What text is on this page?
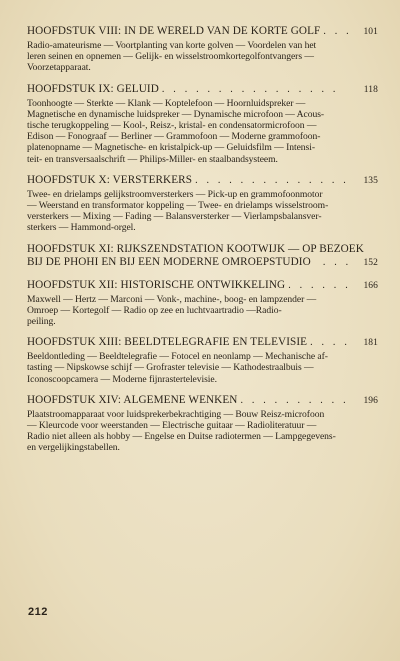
HOOFDSTUK VIII: IN DE WERELD VAN DE KORTE GOLF . . .	101
Radio-amateurisme — Voortplanting van korte golven — Voordelen van het
leren seinen en opnemen — Gelijk- en wisselstroomkortegolfontvangers —
Voorzetapparaat.
HOOFDSTUK IX: GELUID . . . . . . . . . . . . . . . .	118
Toonhoogte — Sterkte — Klank — Koptelefoon — Hoornluidspreker —
Magnetische en dynamische luidspreker — Dynamische microfoon — Acous-
tische terugkoppeling — Kool-, Reisz-, kristal- en condensatormicrofoon —
Edison — Fonograaf — Berliner — Grammofoon — Moderne grammofoon-
platenopname — Magnetische- en kristalpick-up — Geluidsfilm — Intensi-
teit- en transversaalschrift — Philips-Miller- en staalbandsysteem.
HOOFDSTUK X: VERSTERKERS . . . . . . . . . . . . . .	135
Twee- en drielamps gelijkstroomversterkers — Pick-up en grammofoonmotor
— Weerstand en transformator koppeling — Twee- en drielamps wisselstroom-
versterkers — Mixing — Fading — Balansversterker — Vierlampsbalansver-
sterkers — Hammond-orgel.
HOOFDSTUK XI: RIJKSZENDSTATION KOOTWIJK — OP BEZOEK
BIJ DE PHOHI EN BIJ EEN MODERNE OMROEPSTUDIO	. . .	152
HOOFDSTUK XII: HISTORISCHE ONTWIKKELING . . . . . .	166
Maxwell — Hertz — Marconi — Vonk-, machine-, boog- en lampzender —
Omroep — Kortegolf — Radio op zee en luchtvaartradio —Radio-
peiling.
HOOFDSTUK XIII: BEELDTELEGRAFIE EN TELEVISIE . . . .	181
Beeldontleding — Beeldtelegrafie — Fotocel en neonlamp — Mechanische af-
tasting — Nipskowse schijf — Grofraster televisie — Kathodestraalbuis —
Iconoscoopcamera — Moderne fijnrastertelevisie.
HOOFDSTUK XIV: ALGEMENE WENKEN . . . . . . . . . .	196
Plaatstroomapparaat voor luidsprekerbekrachtiging — Bouw Reisz-microfoon
— Kleurcode voor weerstanden — Electrische guitaar — Radioliteratuur —
Radio niet alleen als hobby — Engelse en Duitse radiotermen — Lampgegevens-
en vergelijkingstabellen.
212
